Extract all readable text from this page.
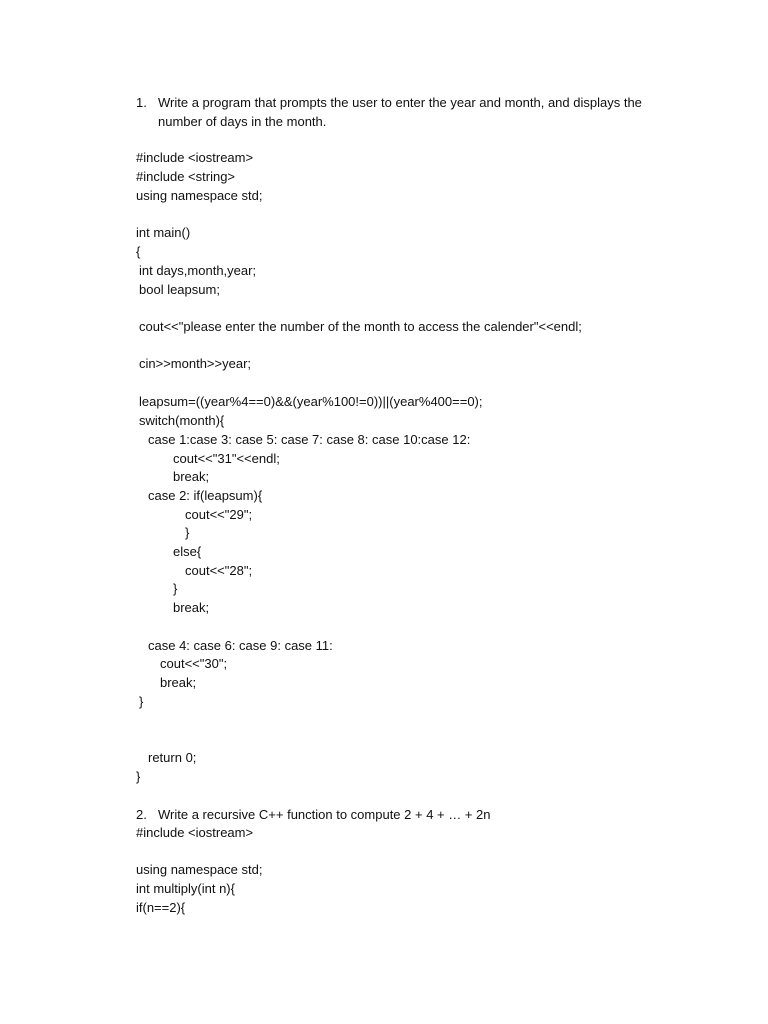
1.

Write a program that prompts the user to enter the year and month, and displays the

number of days in the month.

#include <iostream>
#include <string>
using namespace std;
int main()
{
int days,month,year;
bool leapsum;
cout<<"please enter the number of the month to access the calender"<<endl;
cin>>month>>year;
leapsum=((year%4==0)&&(year%100!=0))||(year%400==0);
switch(month){
case 1:case 3: case 5: case 7: case 8: case 10:case 12:
cout<<"31"<<endl;
break;
case 2: if(leapsum){
cout<<"29";
}
else{
cout<<"28";
}
break;
case 4: case 6: case 9: case 11:
cout<<"30";
break;
}
return 0;
}

2.

Write a recursive C++ function to compute 2 + 4 + … + 2n

#include <iostream>
using namespace std;
int multiply(int n){
if(n==2){
